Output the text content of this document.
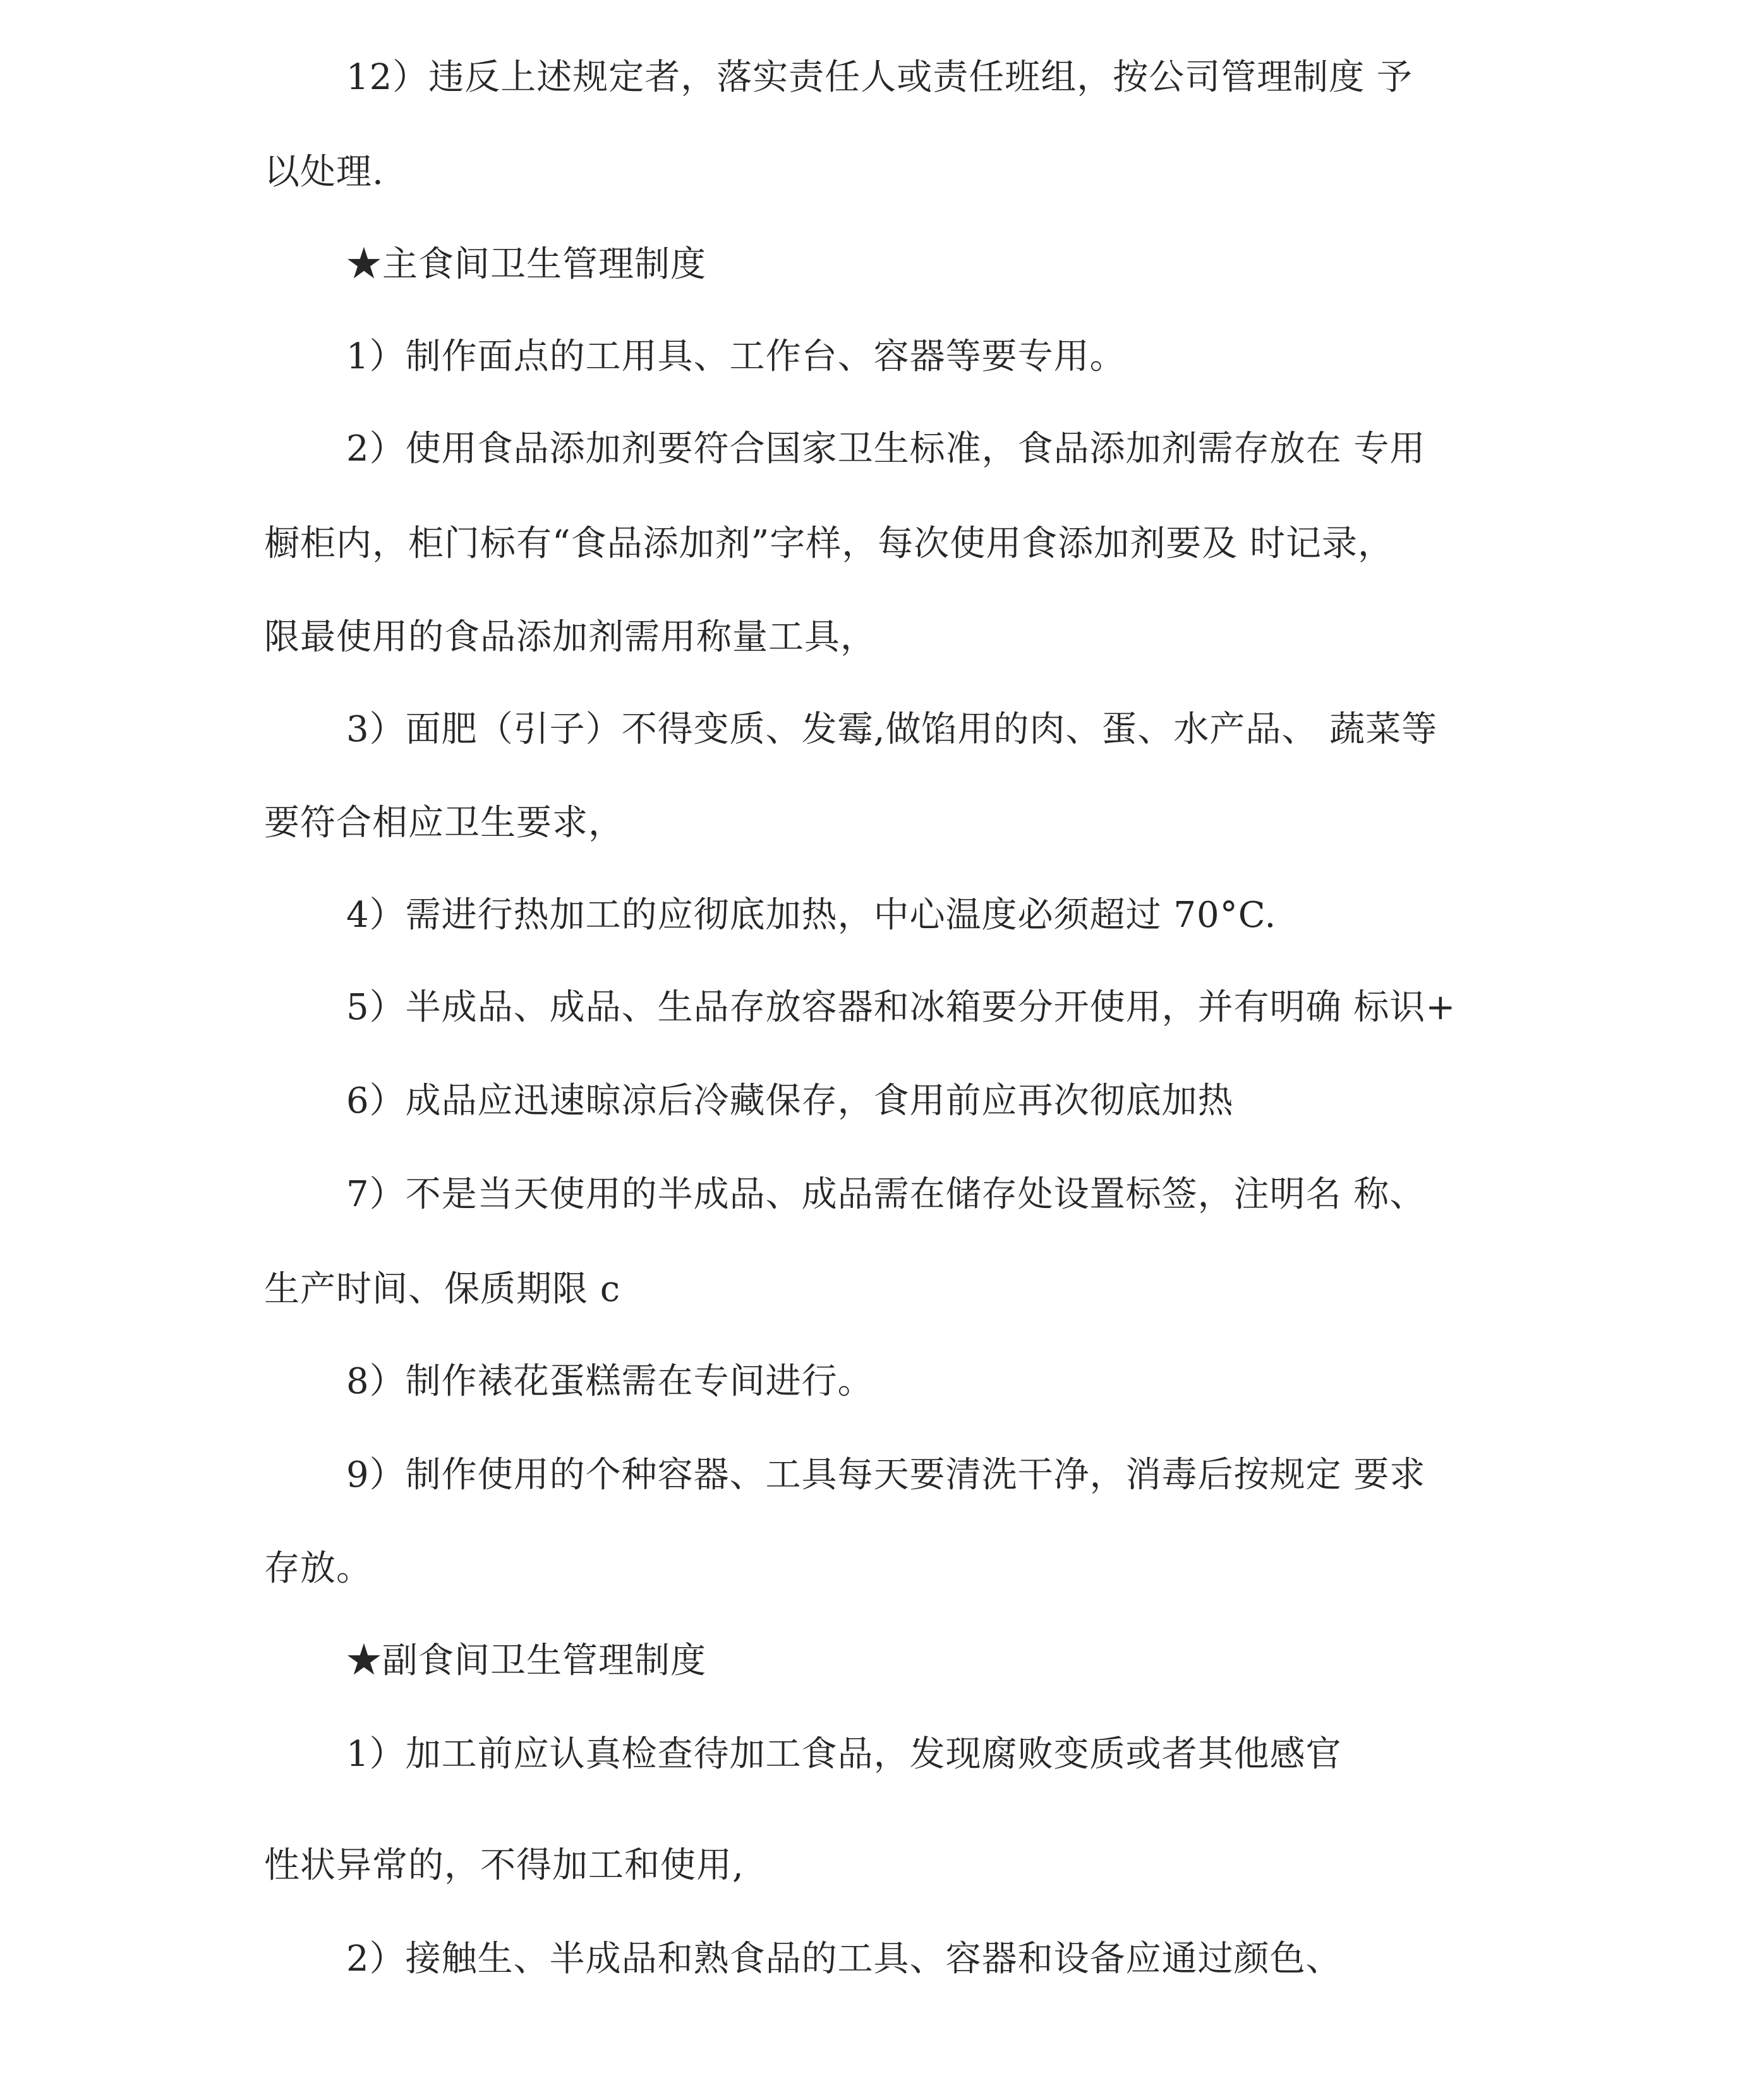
12）违反上述规定者，落实责任人或责任班组，按公司管理制度 予

以处理.

★主食间卫生管理制度

1）制作面点的工用具、工作台、容器等要专用。

2）使用食品添加剂要符合国家卫生标准，食品添加剂需存放在 专用

橱柜内，柜门标有“食品添加剂”字样，每次使用食添加剂要及 时记录，

限最使用的食品添加剂需用称量工具，

3）面肥（引子）不得变质、发霉,做馅用的肉、蛋、水产品、 蔬菜等

要符合相应卫生要求，

4）需进行热加工的应彻底加热，中心温度必须超过 70°C.

5）半成品、成品、生品存放容器和冰箱要分开使用，并有明确 标识+

6）成品应迅速晾凉后冷藏保存，食用前应再次彻底加热

7）不是当天使用的半成品、成品需在储存处设置标签，注明名 称、

生产时间、保质期限 c

8）制作裱花蛋糕需在专间进行。

9）制作使用的个种容器、工具每天要清洗干净，消毒后按规定 要求

存放。

★副食间卫生管理制度

1）加工前应认真检查待加工食品，发现腐败变质或者其他感官

性状异常的，不得加工和使用,

2）接触生、半成品和熟食品的工具、容器和设备应通过颜色、
